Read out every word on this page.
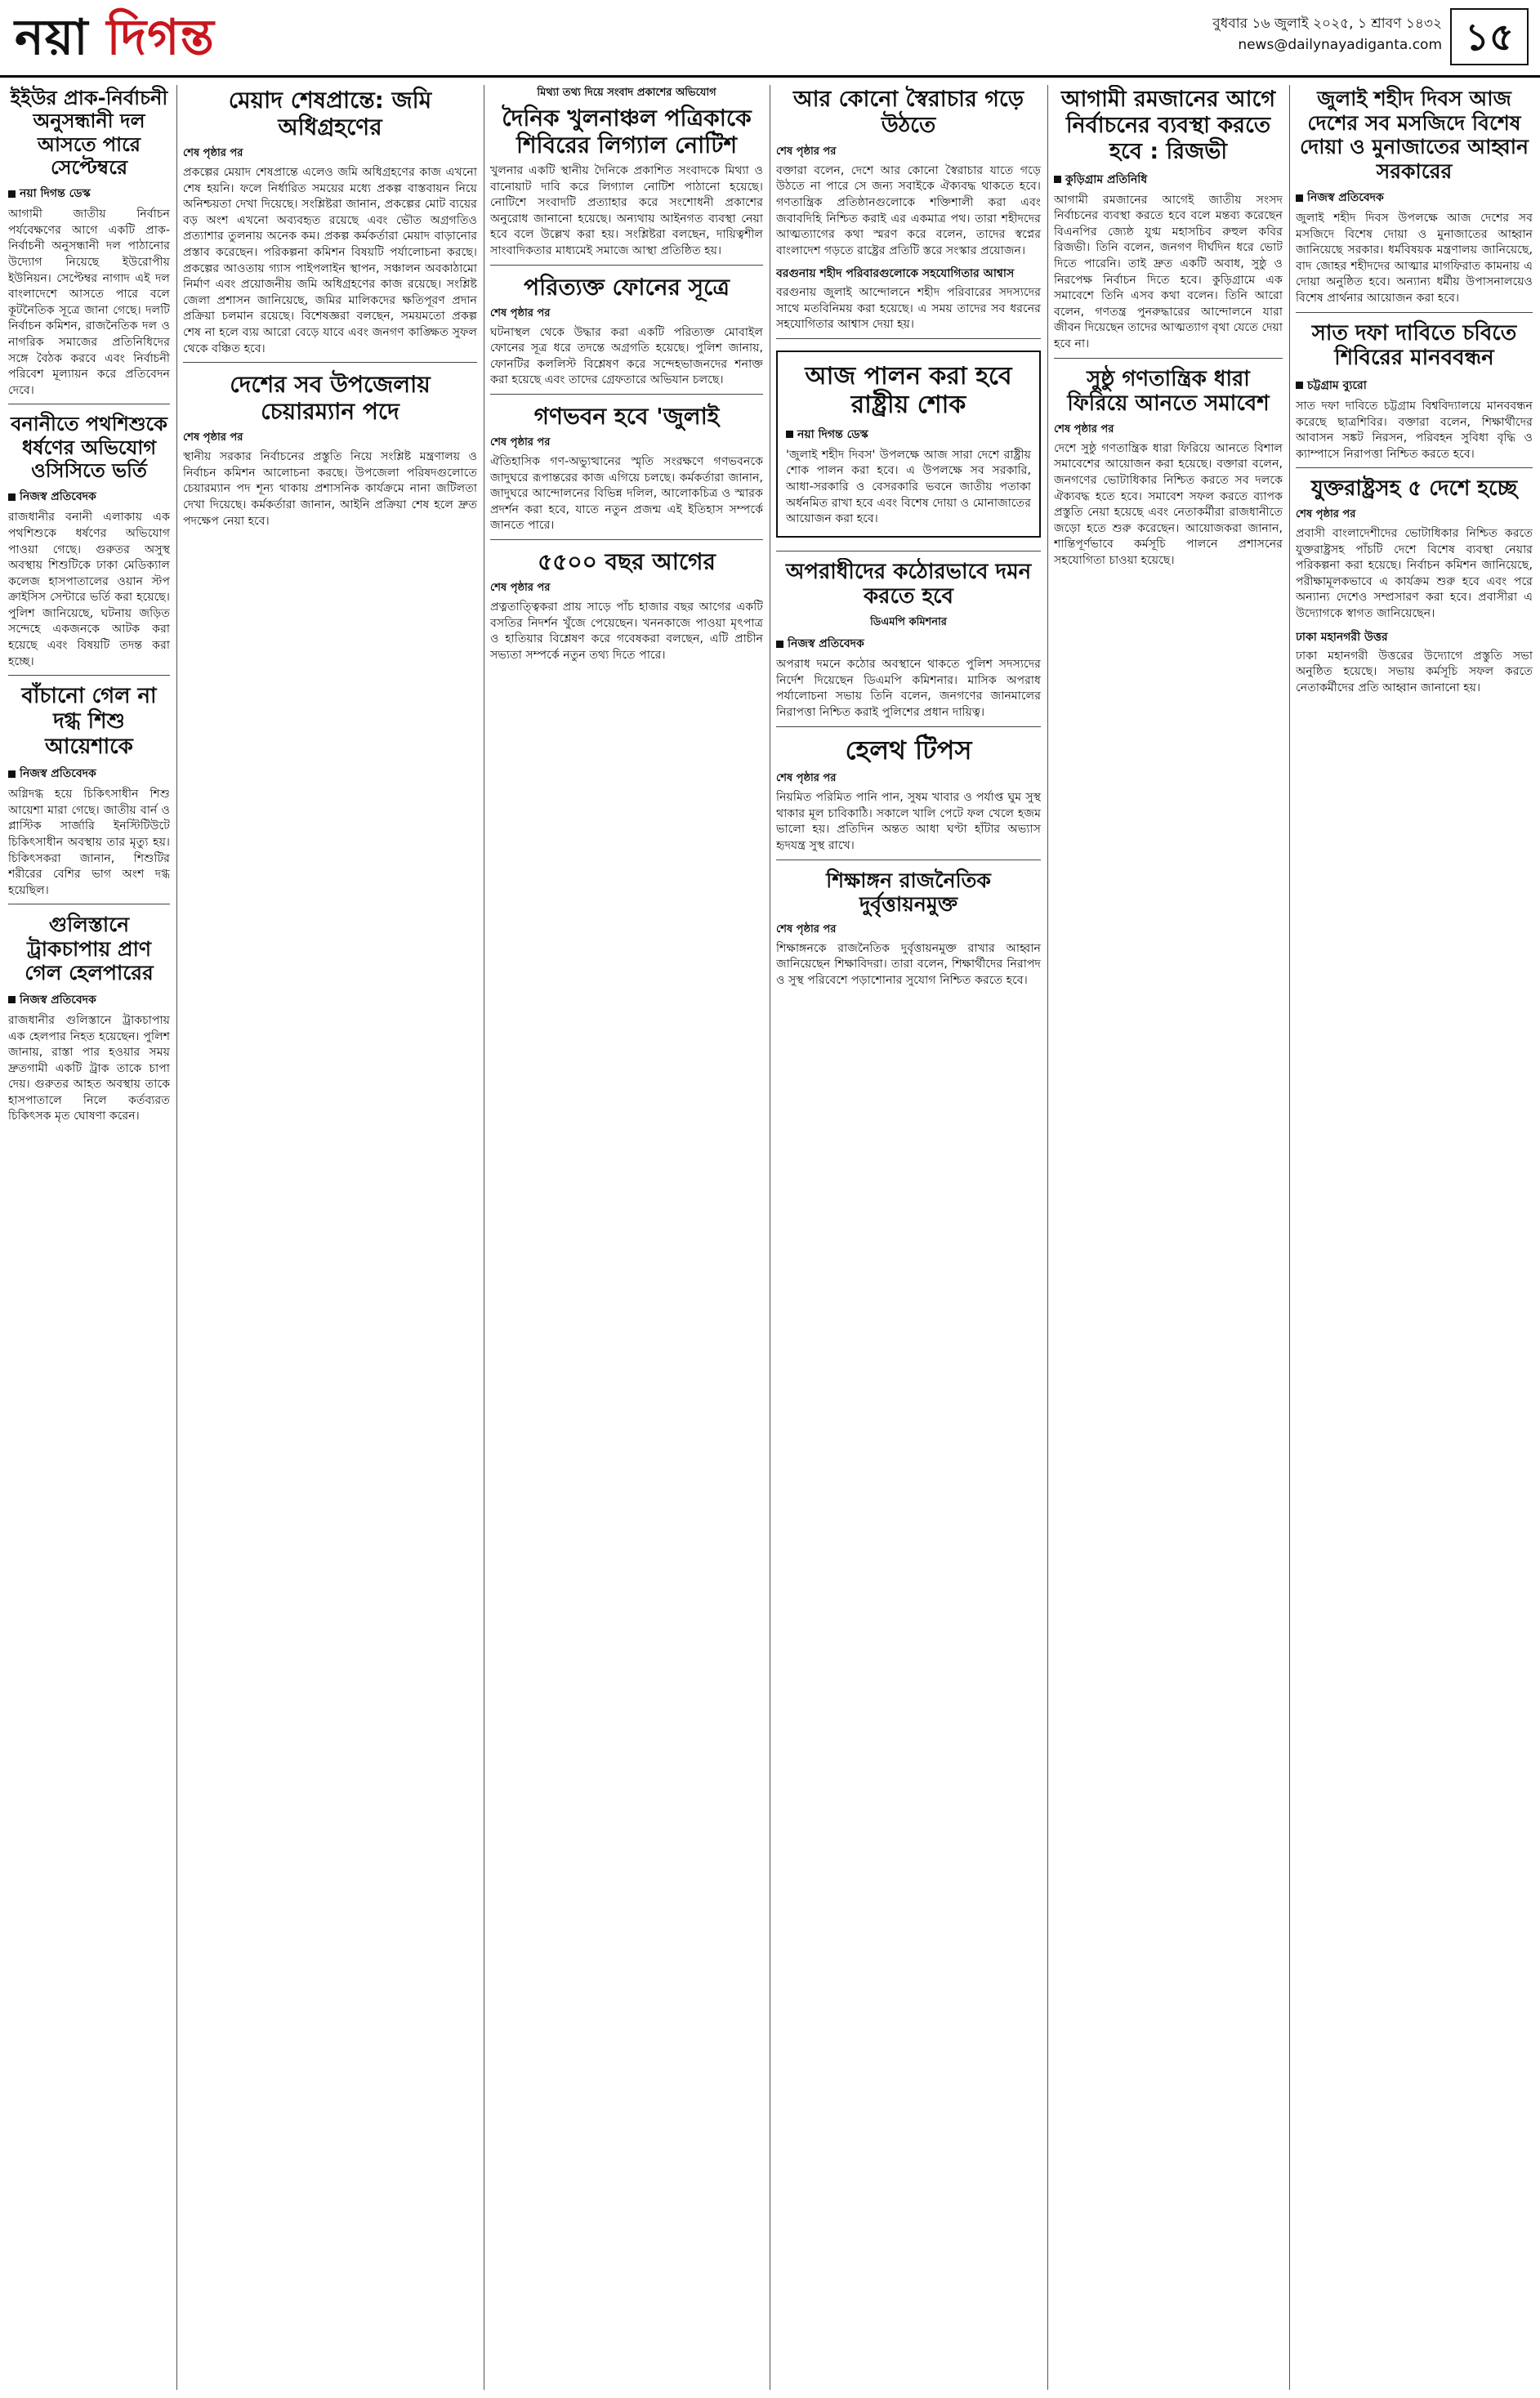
নয়া দিগন্ত	বুধবার ১৬ জুলাই ২০২৫, ১ শ্রাবণ ১৪৩২
news@dailynayadiganta.com ১৫
ইইউর প্রাক-নির্বাচনী অনুসন্ধানী দল আসতে পারে সেপ্টেম্বরে
নয়া দিগন্ত ডেস্ক
আগামী জাতীয় নির্বাচন পর্যবেক্ষণের আগে একটি প্রাক-নির্বাচনী অনুসন্ধানী দল পাঠানোর উদ্যোগ নিয়েছে ইউরোপীয় ইউনিয়ন। সেপ্টেম্বর নাগাদ এই দল বাংলাদেশে আসতে পারে বলে কূটনৈতিক সূত্রে জানা গেছে। দলটি নির্বাচন কমিশন, রাজনৈতিক দল ও নাগরিক সমাজের প্রতিনিধিদের সঙ্গে বৈঠক করবে এবং নির্বাচনী পরিবেশ মূল্যায়ন করে প্রতিবেদন দেবে।
বনানীতে পথশিশুকে ধর্ষণের অভিযোগ ওসিসিতে ভর্তি
নিজস্ব প্রতিবেদক
রাজধানীর বনানী এলাকায় এক পথশিশুকে ধর্ষণের অভিযোগ পাওয়া গেছে। গুরুতর অসুস্থ অবস্থায় শিশুটিকে ঢাকা মেডিক্যাল কলেজ হাসপাতালের ওয়ান স্টপ ক্রাইসিস সেন্টারে ভর্তি করা হয়েছে। পুলিশ জানিয়েছে, ঘটনায় জড়িত সন্দেহে একজনকে আটক করা হয়েছে এবং বিষয়টি তদন্ত করা হচ্ছে।
বাঁচানো গেল না দগ্ধ শিশু আয়েশাকে
নিজস্ব প্রতিবেদক
অগ্নিদগ্ধ হয়ে চিকিৎসাধীন শিশু আয়েশা মারা গেছে। জাতীয় বার্ন ও প্লাস্টিক সার্জারি ইনস্টিটিউটে চিকিৎসাধীন অবস্থায় তার মৃত্যু হয়। চিকিৎসকরা জানান, শিশুটির শরীরের বেশির ভাগ অংশ দগ্ধ হয়েছিল।
গুলিস্তানে ট্রাকচাপায় প্রাণ গেল হেলপারের
নিজস্ব প্রতিবেদক
রাজধানীর গুলিস্তানে ট্রাকচাপায় এক হেলপার নিহত হয়েছেন। পুলিশ জানায়, রাস্তা পার হওয়ার সময় দ্রুতগামী একটি ট্রাক তাকে চাপা দেয়। গুরুতর আহত অবস্থায় তাকে হাসপাতালে নিলে কর্তব্যরত চিকিৎসক মৃত ঘোষণা করেন।
মেয়াদ শেষপ্রান্তে: জমি অধিগ্রহণের
শেষ পৃষ্ঠার পর
প্রকল্পের মেয়াদ শেষপ্রান্তে এলেও জমি অধিগ্রহণের কাজ এখনো শেষ হয়নি। ফলে নির্ধারিত সময়ের মধ্যে প্রকল্প বাস্তবায়ন নিয়ে অনিশ্চয়তা দেখা দিয়েছে। সংশ্লিষ্টরা জানান, প্রকল্পের মোট ব্যয়ের বড় অংশ এখনো অব্যবহৃত রয়েছে এবং ভৌত অগ্রগতিও প্রত্যাশার তুলনায় অনেক কম। প্রকল্প কর্মকর্তারা মেয়াদ বাড়ানোর প্রস্তাব করেছেন। পরিকল্পনা কমিশন বিষয়টি পর্যালোচনা করছে। প্রকল্পের আওতায় গ্যাস পাইপলাইন স্থাপন, সঞ্চালন অবকাঠামো নির্মাণ এবং প্রয়োজনীয় জমি অধিগ্রহণের কাজ রয়েছে। সংশ্লিষ্ট জেলা প্রশাসন জানিয়েছে, জমির মালিকদের ক্ষতিপূরণ প্রদান প্রক্রিয়া চলমান রয়েছে। বিশেষজ্ঞরা বলছেন, সময়মতো প্রকল্প শেষ না হলে ব্যয় আরো বেড়ে যাবে এবং জনগণ কাঙ্ক্ষিত সুফল থেকে বঞ্চিত হবে।
দেশের সব উপজেলায় চেয়ারম্যান পদে
শেষ পৃষ্ঠার পর
স্থানীয় সরকার নির্বাচনের প্রস্তুতি নিয়ে সংশ্লিষ্ট মন্ত্রণালয় ও নির্বাচন কমিশন আলোচনা করছে। উপজেলা পরিষদগুলোতে চেয়ারম্যান পদ শূন্য থাকায় প্রশাসনিক কার্যক্রমে নানা জটিলতা দেখা দিয়েছে। কর্মকর্তারা জানান, আইনি প্রক্রিয়া শেষ হলে দ্রুত পদক্ষেপ নেয়া হবে।
মিথ্যা তথ্য দিয়ে সংবাদ প্রকাশের অভিযোগ
দৈনিক খুলনাঞ্চল পত্রিকাকে শিবিরের লিগ্যাল নোটিশ
খুলনার একটি স্থানীয় দৈনিকে প্রকাশিত সংবাদকে মিথ্যা ও বানোয়াট দাবি করে লিগ্যাল নোটিশ পাঠানো হয়েছে। নোটিশে সংবাদটি প্রত্যাহার করে সংশোধনী প্রকাশের অনুরোধ জানানো হয়েছে। অন্যথায় আইনগত ব্যবস্থা নেয়া হবে বলে উল্লেখ করা হয়। সংশ্লিষ্টরা বলছেন, দায়িত্বশীল সাংবাদিকতার মাধ্যমেই সমাজে আস্থা প্রতিষ্ঠিত হয়।
পরিত্যক্ত ফোনের সূত্রে
শেষ পৃষ্ঠার পর
ঘটনাস্থল থেকে উদ্ধার করা একটি পরিত্যক্ত মোবাইল ফোনের সূত্র ধরে তদন্তে অগ্রগতি হয়েছে। পুলিশ জানায়, ফোনটির কললিস্ট বিশ্লেষণ করে সন্দেহভাজনদের শনাক্ত করা হয়েছে এবং তাদের গ্রেফতারে অভিযান চলছে।
গণভবন হবে 'জুলাই
শেষ পৃষ্ঠার পর
ঐতিহাসিক গণ-অভ্যুত্থানের স্মৃতি সংরক্ষণে গণভবনকে জাদুঘরে রূপান্তরের কাজ এগিয়ে চলছে। কর্মকর্তারা জানান, জাদুঘরে আন্দোলনের বিভিন্ন দলিল, আলোকচিত্র ও স্মারক প্রদর্শন করা হবে, যাতে নতুন প্রজন্ম এই ইতিহাস সম্পর্কে জানতে পারে।
৫৫০০ বছর আগের
শেষ পৃষ্ঠার পর
প্রত্নতাত্ত্বিকরা প্রায় সাড়ে পাঁচ হাজার বছর আগের একটি বসতির নিদর্শন খুঁজে পেয়েছেন। খননকাজে পাওয়া মৃৎপাত্র ও হাতিয়ার বিশ্লেষণ করে গবেষকরা বলছেন, এটি প্রাচীন সভ্যতা সম্পর্কে নতুন তথ্য দিতে পারে।
আর কোনো স্বৈরাচার গড়ে উঠতে
শেষ পৃষ্ঠার পর
বক্তারা বলেন, দেশে আর কোনো স্বৈরাচার যাতে গড়ে উঠতে না পারে সে জন্য সবাইকে ঐক্যবদ্ধ থাকতে হবে। গণতান্ত্রিক প্রতিষ্ঠানগুলোকে শক্তিশালী করা এবং জবাবদিহি নিশ্চিত করাই এর একমাত্র পথ। তারা শহীদদের আত্মত্যাগের কথা স্মরণ করে বলেন, তাদের স্বপ্নের বাংলাদেশ গড়তে রাষ্ট্রের প্রতিটি স্তরে সংস্কার প্রয়োজন।
বরগুনায় শহীদ পরিবারগুলোকে সহযোগিতার আশ্বাস
বরগুনায় জুলাই আন্দোলনে শহীদ পরিবারের সদস্যদের সাথে মতবিনিময় করা হয়েছে। এ সময় তাদের সব ধরনের সহযোগিতার আশ্বাস দেয়া হয়।
আজ পালন করা হবে রাষ্ট্রীয় শোক
নয়া দিগন্ত ডেস্ক
'জুলাই শহীদ দিবস' উপলক্ষে আজ সারা দেশে রাষ্ট্রীয় শোক পালন করা হবে। এ উপলক্ষে সব সরকারি, আধা-সরকারি ও বেসরকারি ভবনে জাতীয় পতাকা অর্ধনমিত রাখা হবে এবং বিশেষ দোয়া ও মোনাজাতের আয়োজন করা হবে।
অপরাধীদের কঠোরভাবে দমন করতে হবে
ডিএমপি কমিশনার
নিজস্ব প্রতিবেদক
অপরাধ দমনে কঠোর অবস্থানে থাকতে পুলিশ সদস্যদের নির্দেশ দিয়েছেন ডিএমপি কমিশনার। মাসিক অপরাধ পর্যালোচনা সভায় তিনি বলেন, জনগণের জানমালের নিরাপত্তা নিশ্চিত করাই পুলিশের প্রধান দায়িত্ব।
হেলথ টিপস
শেষ পৃষ্ঠার পর
নিয়মিত পরিমিত পানি পান, সুষম খাবার ও পর্যাপ্ত ঘুম সুস্থ থাকার মূল চাবিকাঠি। সকালে খালি পেটে ফল খেলে হজম ভালো হয়। প্রতিদিন অন্তত আধা ঘণ্টা হাঁটার অভ্যাস হৃদযন্ত্র সুস্থ রাখে।
শিক্ষাঙ্গন রাজনৈতিক দুর্বৃত্তায়নমুক্ত
শেষ পৃষ্ঠার পর
শিক্ষাঙ্গনকে রাজনৈতিক দুর্বৃত্তায়নমুক্ত রাখার আহ্বান জানিয়েছেন শিক্ষাবিদরা। তারা বলেন, শিক্ষার্থীদের নিরাপদ ও সুস্থ পরিবেশে পড়াশোনার সুযোগ নিশ্চিত করতে হবে।
আগামী রমজানের আগে নির্বাচনের ব্যবস্থা করতে হবে : রিজভী
কুড়িগ্রাম প্রতিনিধি
আগামী রমজানের আগেই জাতীয় সংসদ নির্বাচনের ব্যবস্থা করতে হবে বলে মন্তব্য করেছেন বিএনপির জ্যেষ্ঠ যুগ্ম মহাসচিব রুহুল কবির রিজভী। তিনি বলেন, জনগণ দীর্ঘদিন ধরে ভোট দিতে পারেনি। তাই দ্রুত একটি অবাধ, সুষ্ঠু ও নিরপেক্ষ নির্বাচন দিতে হবে। কুড়িগ্রামে এক সমাবেশে তিনি এসব কথা বলেন। তিনি আরো বলেন, গণতন্ত্র পুনরুদ্ধারের আন্দোলনে যারা জীবন দিয়েছেন তাদের আত্মত্যাগ বৃথা যেতে দেয়া হবে না।
সুষ্ঠু গণতান্ত্রিক ধারা ফিরিয়ে আনতে সমাবেশ
শেষ পৃষ্ঠার পর
দেশে সুষ্ঠু গণতান্ত্রিক ধারা ফিরিয়ে আনতে বিশাল সমাবেশের আয়োজন করা হয়েছে। বক্তারা বলেন, জনগণের ভোটাধিকার নিশ্চিত করতে সব দলকে ঐক্যবদ্ধ হতে হবে। সমাবেশ সফল করতে ব্যাপক প্রস্তুতি নেয়া হয়েছে এবং নেতাকর্মীরা রাজধানীতে জড়ো হতে শুরু করেছেন। আয়োজকরা জানান, শান্তিপূর্ণভাবে কর্মসূচি পালনে প্রশাসনের সহযোগিতা চাওয়া হয়েছে।
জুলাই শহীদ দিবস আজ দেশের সব মসজিদে বিশেষ দোয়া ও মুনাজাতের আহ্বান সরকারের
নিজস্ব প্রতিবেদক
জুলাই শহীদ দিবস উপলক্ষে আজ দেশের সব মসজিদে বিশেষ দোয়া ও মুনাজাতের আহ্বান জানিয়েছে সরকার। ধর্মবিষয়ক মন্ত্রণালয় জানিয়েছে, বাদ জোহর শহীদদের আত্মার মাগফিরাত কামনায় এ দোয়া অনুষ্ঠিত হবে। অন্যান্য ধর্মীয় উপাসনালয়েও বিশেষ প্রার্থনার আয়োজন করা হবে।
সাত দফা দাবিতে চবিতে শিবিরের মানববন্ধন
চট্টগ্রাম ব্যুরো
সাত দফা দাবিতে চট্টগ্রাম বিশ্ববিদ্যালয়ে মানববন্ধন করেছে ছাত্রশিবির। বক্তারা বলেন, শিক্ষার্থীদের আবাসন সঙ্কট নিরসন, পরিবহন সুবিধা বৃদ্ধি ও ক্যাম্পাসে নিরাপত্তা নিশ্চিত করতে হবে।
যুক্তরাষ্ট্রসহ ৫ দেশে হচ্ছে
শেষ পৃষ্ঠার পর
প্রবাসী বাংলাদেশীদের ভোটাধিকার নিশ্চিত করতে যুক্তরাষ্ট্রসহ পাঁচটি দেশে বিশেষ ব্যবস্থা নেয়ার পরিকল্পনা করা হয়েছে। নির্বাচন কমিশন জানিয়েছে, পরীক্ষামূলকভাবে এ কার্যক্রম শুরু হবে এবং পরে অন্যান্য দেশেও সম্প্রসারণ করা হবে। প্রবাসীরা এ উদ্যোগকে স্বাগত জানিয়েছেন।
ঢাকা মহানগরী উত্তর
ঢাকা মহানগরী উত্তরের উদ্যোগে প্রস্তুতি সভা অনুষ্ঠিত হয়েছে। সভায় কর্মসূচি সফল করতে নেতাকর্মীদের প্রতি আহ্বান জানানো হয়।
